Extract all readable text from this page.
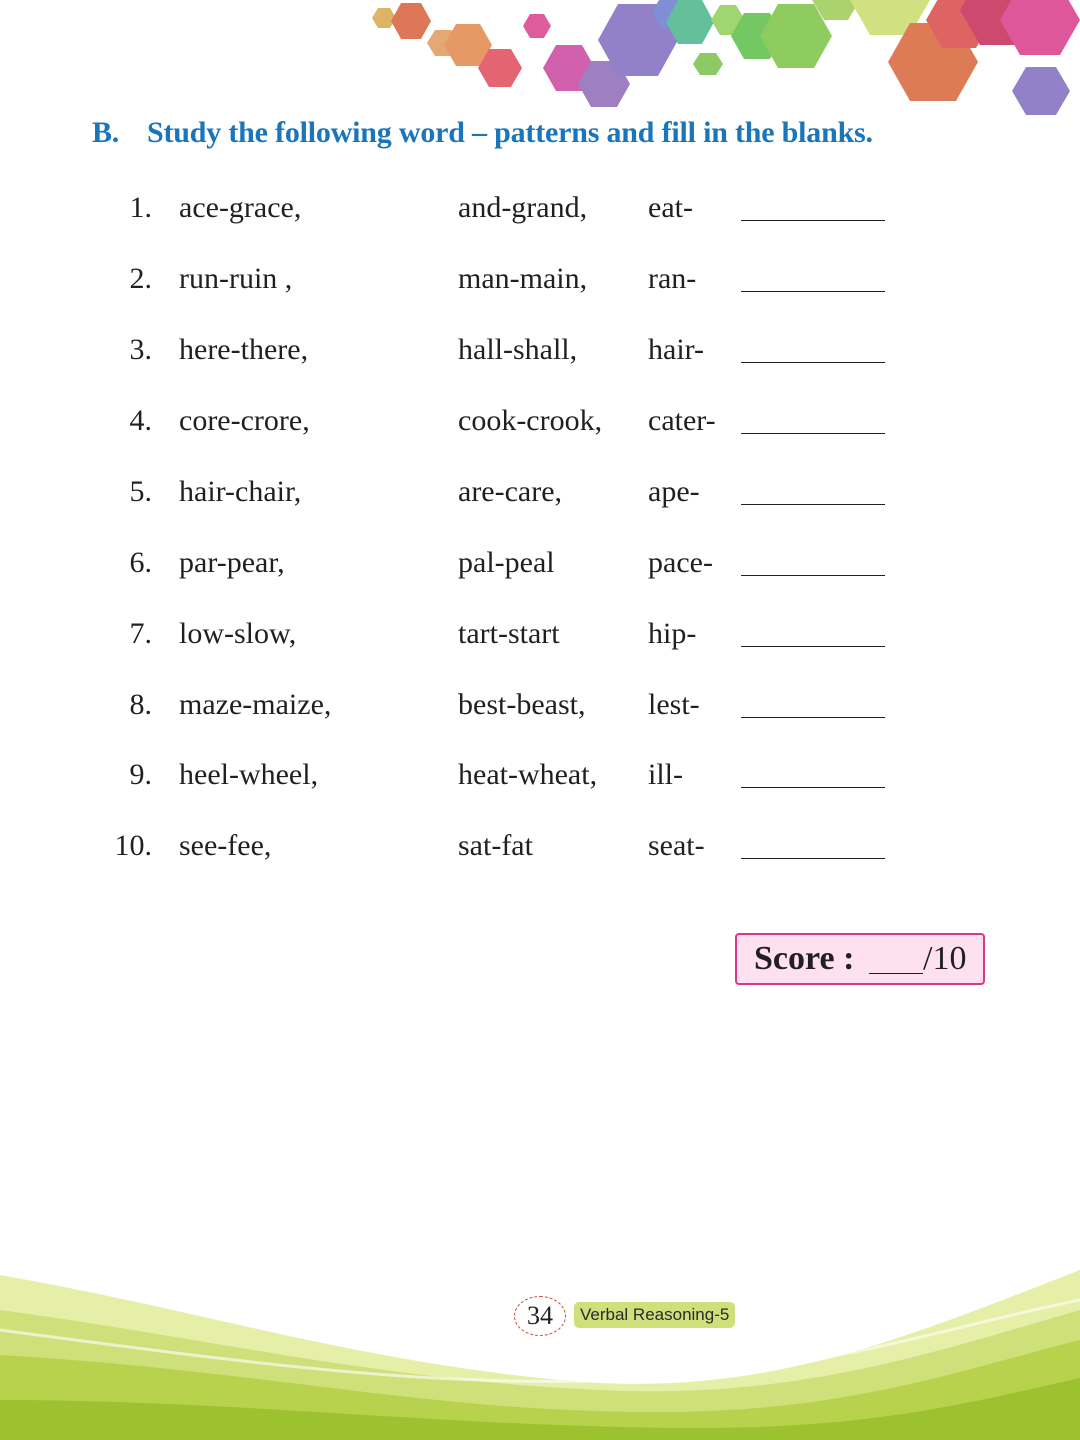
B. Study the following word – patterns and fill in the blanks.
1. ace-grace,	and-grand, eat-
2. run-ruin ,	man-main, ran-
3. here-there,	hall-shall, hair-
4. core-crore,	cook-crook, cater-
5. hair-chair,	are-care,	ape-
6. par-pear,	pal-peal	pace-
7. low-slow,	tart-start	hip-
8. maze-maize,	best-beast, lest-
9. heel-wheel,	heat-wheat, ill-
10. see-fee,	sat-fat	seat-
Score : /10
34	Verbal Reasoning-5
